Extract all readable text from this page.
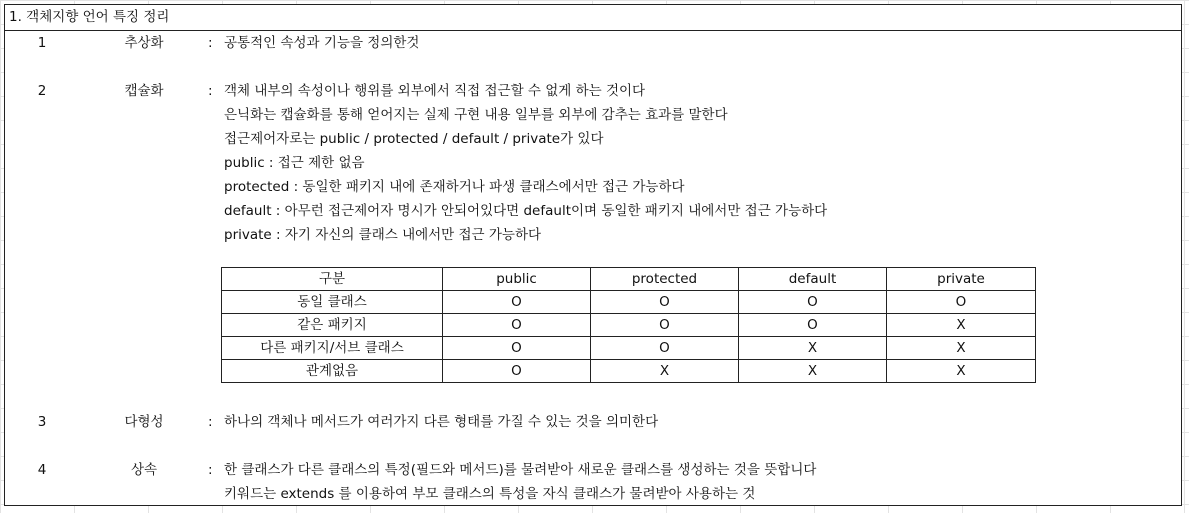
1. 객체지향 언어 특징 정리
1	추상화	: 공통적인 속성과 기능을 정의한것
2	캡슐화	: 객체 내부의 속성이나 행위를 외부에서 직접 접근할 수 없게 하는 것이다
은닉화는 캡슐화를 통해 얻어지는 실제 구현 내용 일부를 외부에 감추는 효과를 말한다
접근제어자로는 public / protected / default / private가 있다
public : 접근 제한 없음
protected : 동일한 패키지 내에 존재하거나 파생 클래스에서만 접근 가능하다
default : 아무런 접근제어자 명시가 안되어있다면 default이며 동일한 패키지 내에서만 접근 가능하다
private : 자기 자신의 클래스 내에서만 접근 가능하다
구분	public	protected	default	private
동일 클래스	O	O	O	O
같은 패키지	O	O	O	X
다른 패키지/서브 클래스	O	O	X	X
관계없음	O	X	X	X
3	다형성	: 하나의 객체나 메서드가 여러가지 다른 형태를 가질 수 있는 것을 의미한다
4	상속	: 한 클래스가 다른 클래스의 특정(필드와 메서드)를 물려받아 새로운 클래스를 생성하는 것을 뜻합니다
키워드는 extends 를 이용하여 부모 클래스의 특성을 자식 클래스가 물려받아 사용하는 것
